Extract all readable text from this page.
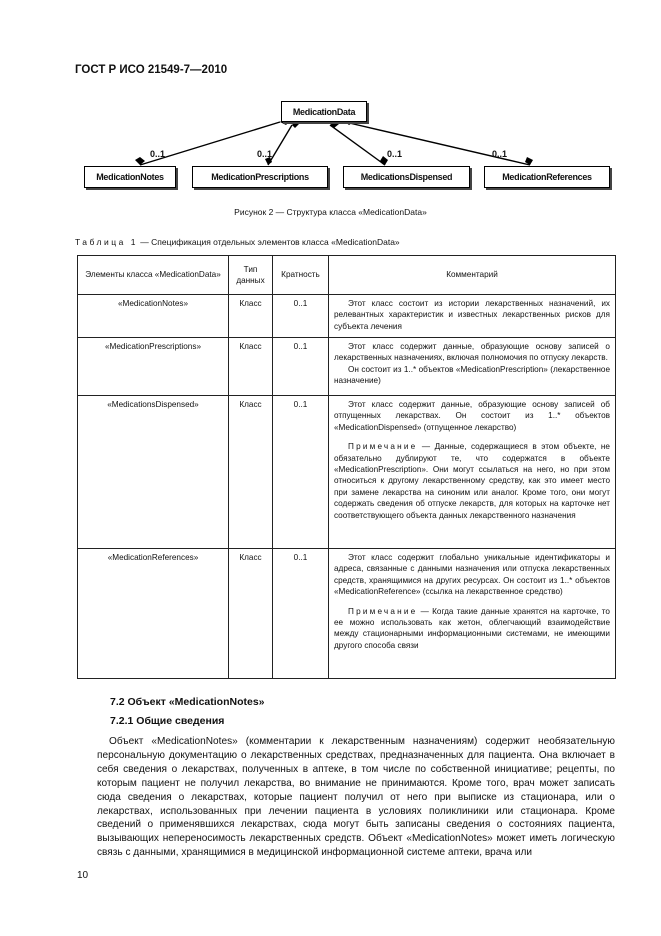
ГОСТ Р ИСО 21549-7—2010
MedicationData
0..1	0..1	0..1	0..1
MedicationNotes	MedicationPrescriptions	MedicationsDispensed	MedicationReferences
Рисунок 2 — Структура класса «MedicationData»
Таблица 1 — Спецификация отдельных элементов класса «MedicationData»
Элементы класса «MedicationData»	Тип данных	Кратность	Комментарий
«MedicationNotes»	Класс	0..1	Этот класс состоит из истории лекарственных назначений, их релевантных характеристик и известных лекарственных рисков для субъекта лечения

«MedicationPrescriptions»	Класс	0..1	Этот класс содержит данные, образующие основу записей о лекарственных назначениях, включая полномочия по отпуску лекарств.
Он состоит из 1..* объектов «MedicationPrescription» (лекарственное назначение)

«MedicationsDispensed»	Класс	0..1	Этот класс содержит данные, образующие основу записей об отпущенных лекарствах. Он состоит из 1..* объектов «MedicationDispensed» (отпущенное лекарство)
Примечание — Данные, содержащиеся в этом объекте, не обязательно дублируют те, что содержатся в объекте «MedicationPrescription». Они могут ссылаться на него, но при этом относиться к другому лекарственному средству, как это имеет место при замене лекарства на синоним или аналог. Кроме того, они могут содержать сведения об отпуске лекарств, для которых на карточке нет соответствующего объекта данных лекарственного назначения

«MedicationReferences»	Класс	0..1	Этот класс содержит глобально уникальные идентификаторы и адреса, связанные с данными назначения или отпуска лекарственных средств, хранящимися на других ресурсах. Он состоит из 1..* объектов «MedicationReference» (ссылка на лекарственное средство)
Примечание — Когда такие данные хранятся на карточке, то ее можно использовать как жетон, облегчающий взаимодействие между стационарными информационными системами, не имеющими другого способа связи
7.2 Объект «MedicationNotes»
7.2.1 Общие сведения

Объект «MedicationNotes» (комментарии к лекарственным назначениям) содержит необязательную персональную документацию о лекарственных средствах, предназначенных для пациента. Она включает в себя сведения о лекарствах, полученных в аптеке, в том числе по собственной инициативе; рецепты, по которым пациент не получил лекарства, во внимание не принимаются. Кроме того, врач может записать сюда сведения о лекарствах, которые пациент получил от него при выписке из стационара, или о лекарствах, использованных при лечении пациента в условиях поликлиники или стационара. Кроме сведений о применявшихся лекарствах, сюда могут быть записаны сведения о состояниях пациента, вызывающих непереносимость лекарственных средств. Объект «MedicationNotes» может иметь логическую связь с данными, хранящимися в медицинской информационной системе аптеки, врача или

10
